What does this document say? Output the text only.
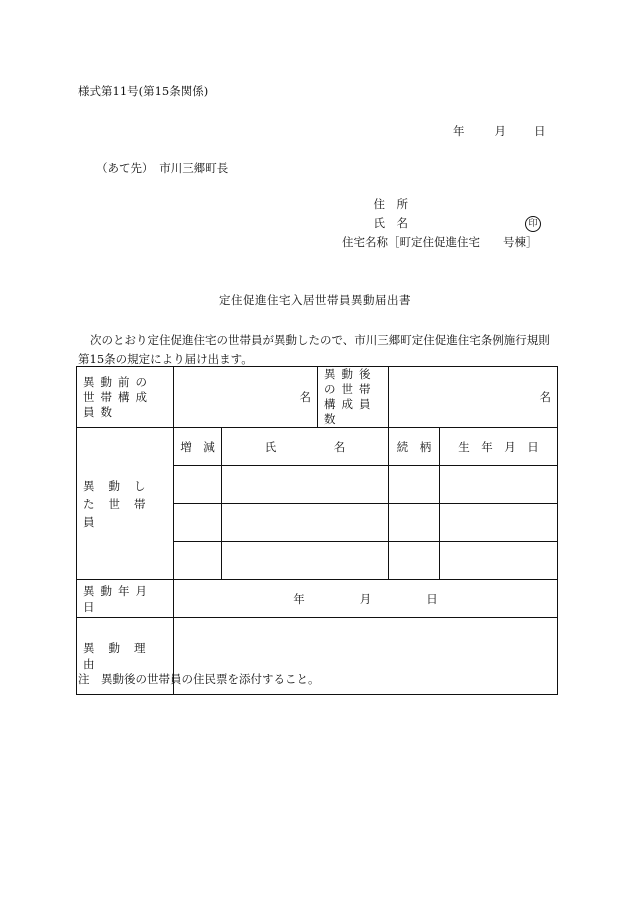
様式第11号(第15条関係)
年	月 日
（あて先）　市川三郷町長
住　所
氏　名
住宅名称 ［町定住促進住宅　　号棟］
印
定住促進住宅入居世帯員異動届出書
次のとおり定住促進住宅の世帯員が異動したので、市川三郷町定住促進住宅条例施行規則第15条の規定により届け出ます。
異動前の世帯構成員数	名		異動後の世帯構成員数	名	
異動した世帯員	増　減	氏　　　　　名		続　柄	生　年　月　日

異動年月日	年 月 日				
異動理由					
注　異動後の世帯員の住民票を添付すること。
